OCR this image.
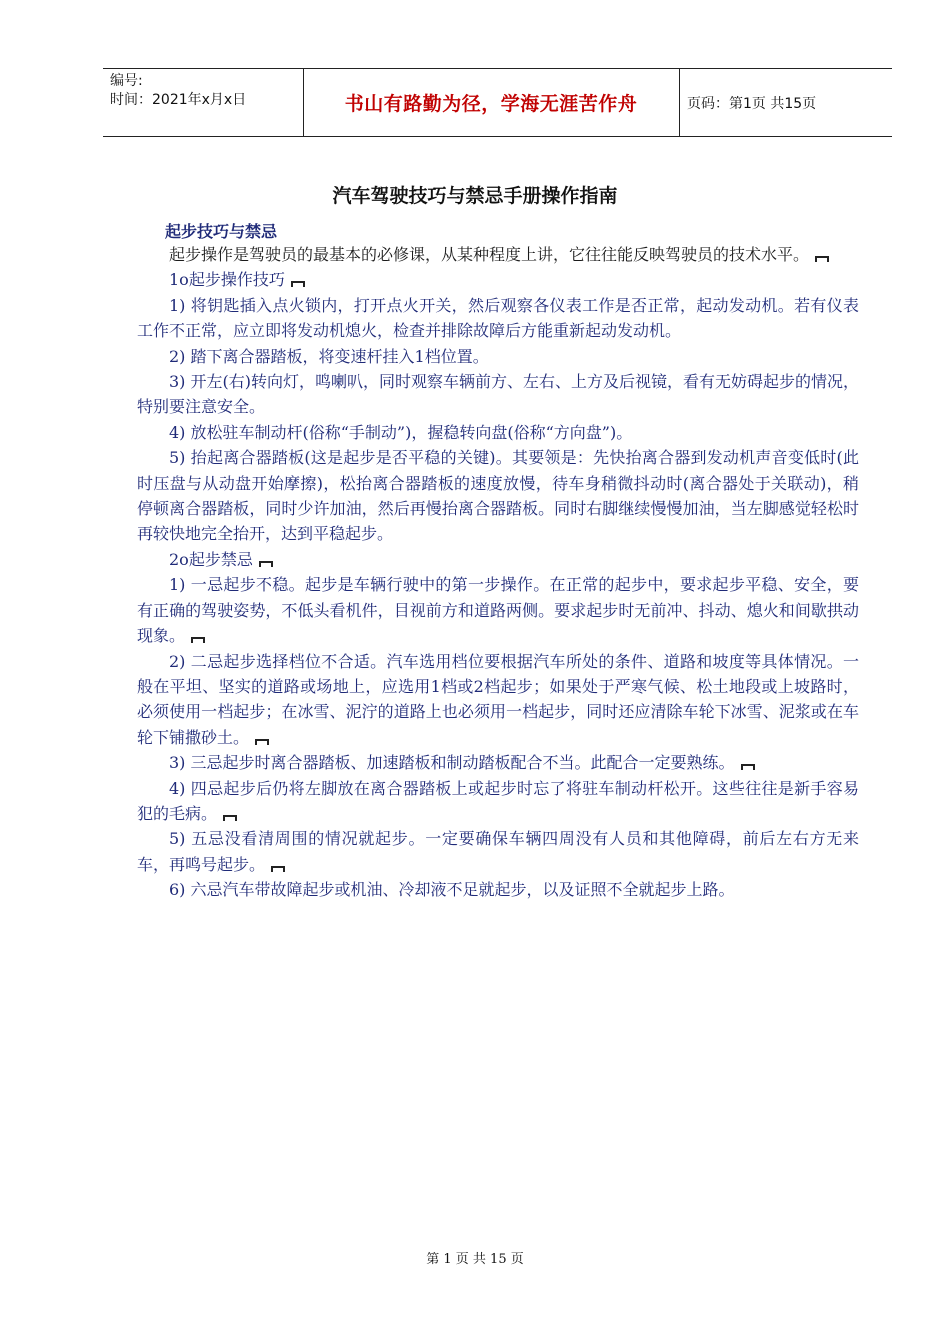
编号:
时间：2021年x月x日	书山有路勤为径，学海无涯苦作舟	页码：第1页 共15页
汽车驾驶技巧与禁忌手册操作指南
起步技巧与禁忌

起步操作是驾驶员的最基本的必修课，从某种程度上讲，它往往能反映驾驶员的技术水平。

1o起步操作技巧

1) 将钥匙插入点火锁内，打开点火开关，然后观察各仪表工作是否正常，起动发动机。若有仪表工作不正常，应立即将发动机熄火，检查并排除故障后方能重新起动发动机。

2) 踏下离合器踏板，将变速杆挂入1档位置。

3) 开左(右)转向灯，鸣喇叭，同时观察车辆前方、左右、上方及后视镜，看有无妨碍起步的情况，特别要注意安全。

4) 放松驻车制动杆(俗称“手制动”)，握稳转向盘(俗称“方向盘”)。

5) 抬起离合器踏板(这是起步是否平稳的关键)。其要领是：先快抬离合器到发动机声音变低时(此时压盘与从动盘开始摩擦)，松抬离合器踏板的速度放慢，待车身稍微抖动时(离合器处于关联动)，稍停顿离合器踏板，同时少许加油，然后再慢抬离合器踏板。同时右脚继续慢慢加油，当左脚感觉轻松时再较快地完全抬开，达到平稳起步。

2o起步禁忌

1) 一忌起步不稳。起步是车辆行驶中的第一步操作。在正常的起步中，要求起步平稳、安全，要有正确的驾驶姿势，不低头看机件，目视前方和道路两侧。要求起步时无前冲、抖动、熄火和间歇拱动现象。

2) 二忌起步选择档位不合适。汽车选用档位要根据汽车所处的条件、道路和坡度等具体情况。一般在平坦、坚实的道路或场地上，应选用1档或2档起步；如果处于严寒气候、松土地段或上坡路时，必须使用一档起步；在冰雪、泥泞的道路上也必须用一档起步，同时还应清除车轮下冰雪、泥浆或在车轮下铺撒砂土。

3) 三忌起步时离合器踏板、加速踏板和制动踏板配合不当。此配合一定要熟练。

4) 四忌起步后仍将左脚放在离合器踏板上或起步时忘了将驻车制动杆松开。这些往往是新手容易犯的毛病。

5) 五忌没看清周围的情况就起步。一定要确保车辆四周没有人员和其他障碍，前后左右方无来车，再鸣号起步。

6) 六忌汽车带故障起步或机油、冷却液不足就起步，以及证照不全就起步上路。

第 1 页 共 15 页
